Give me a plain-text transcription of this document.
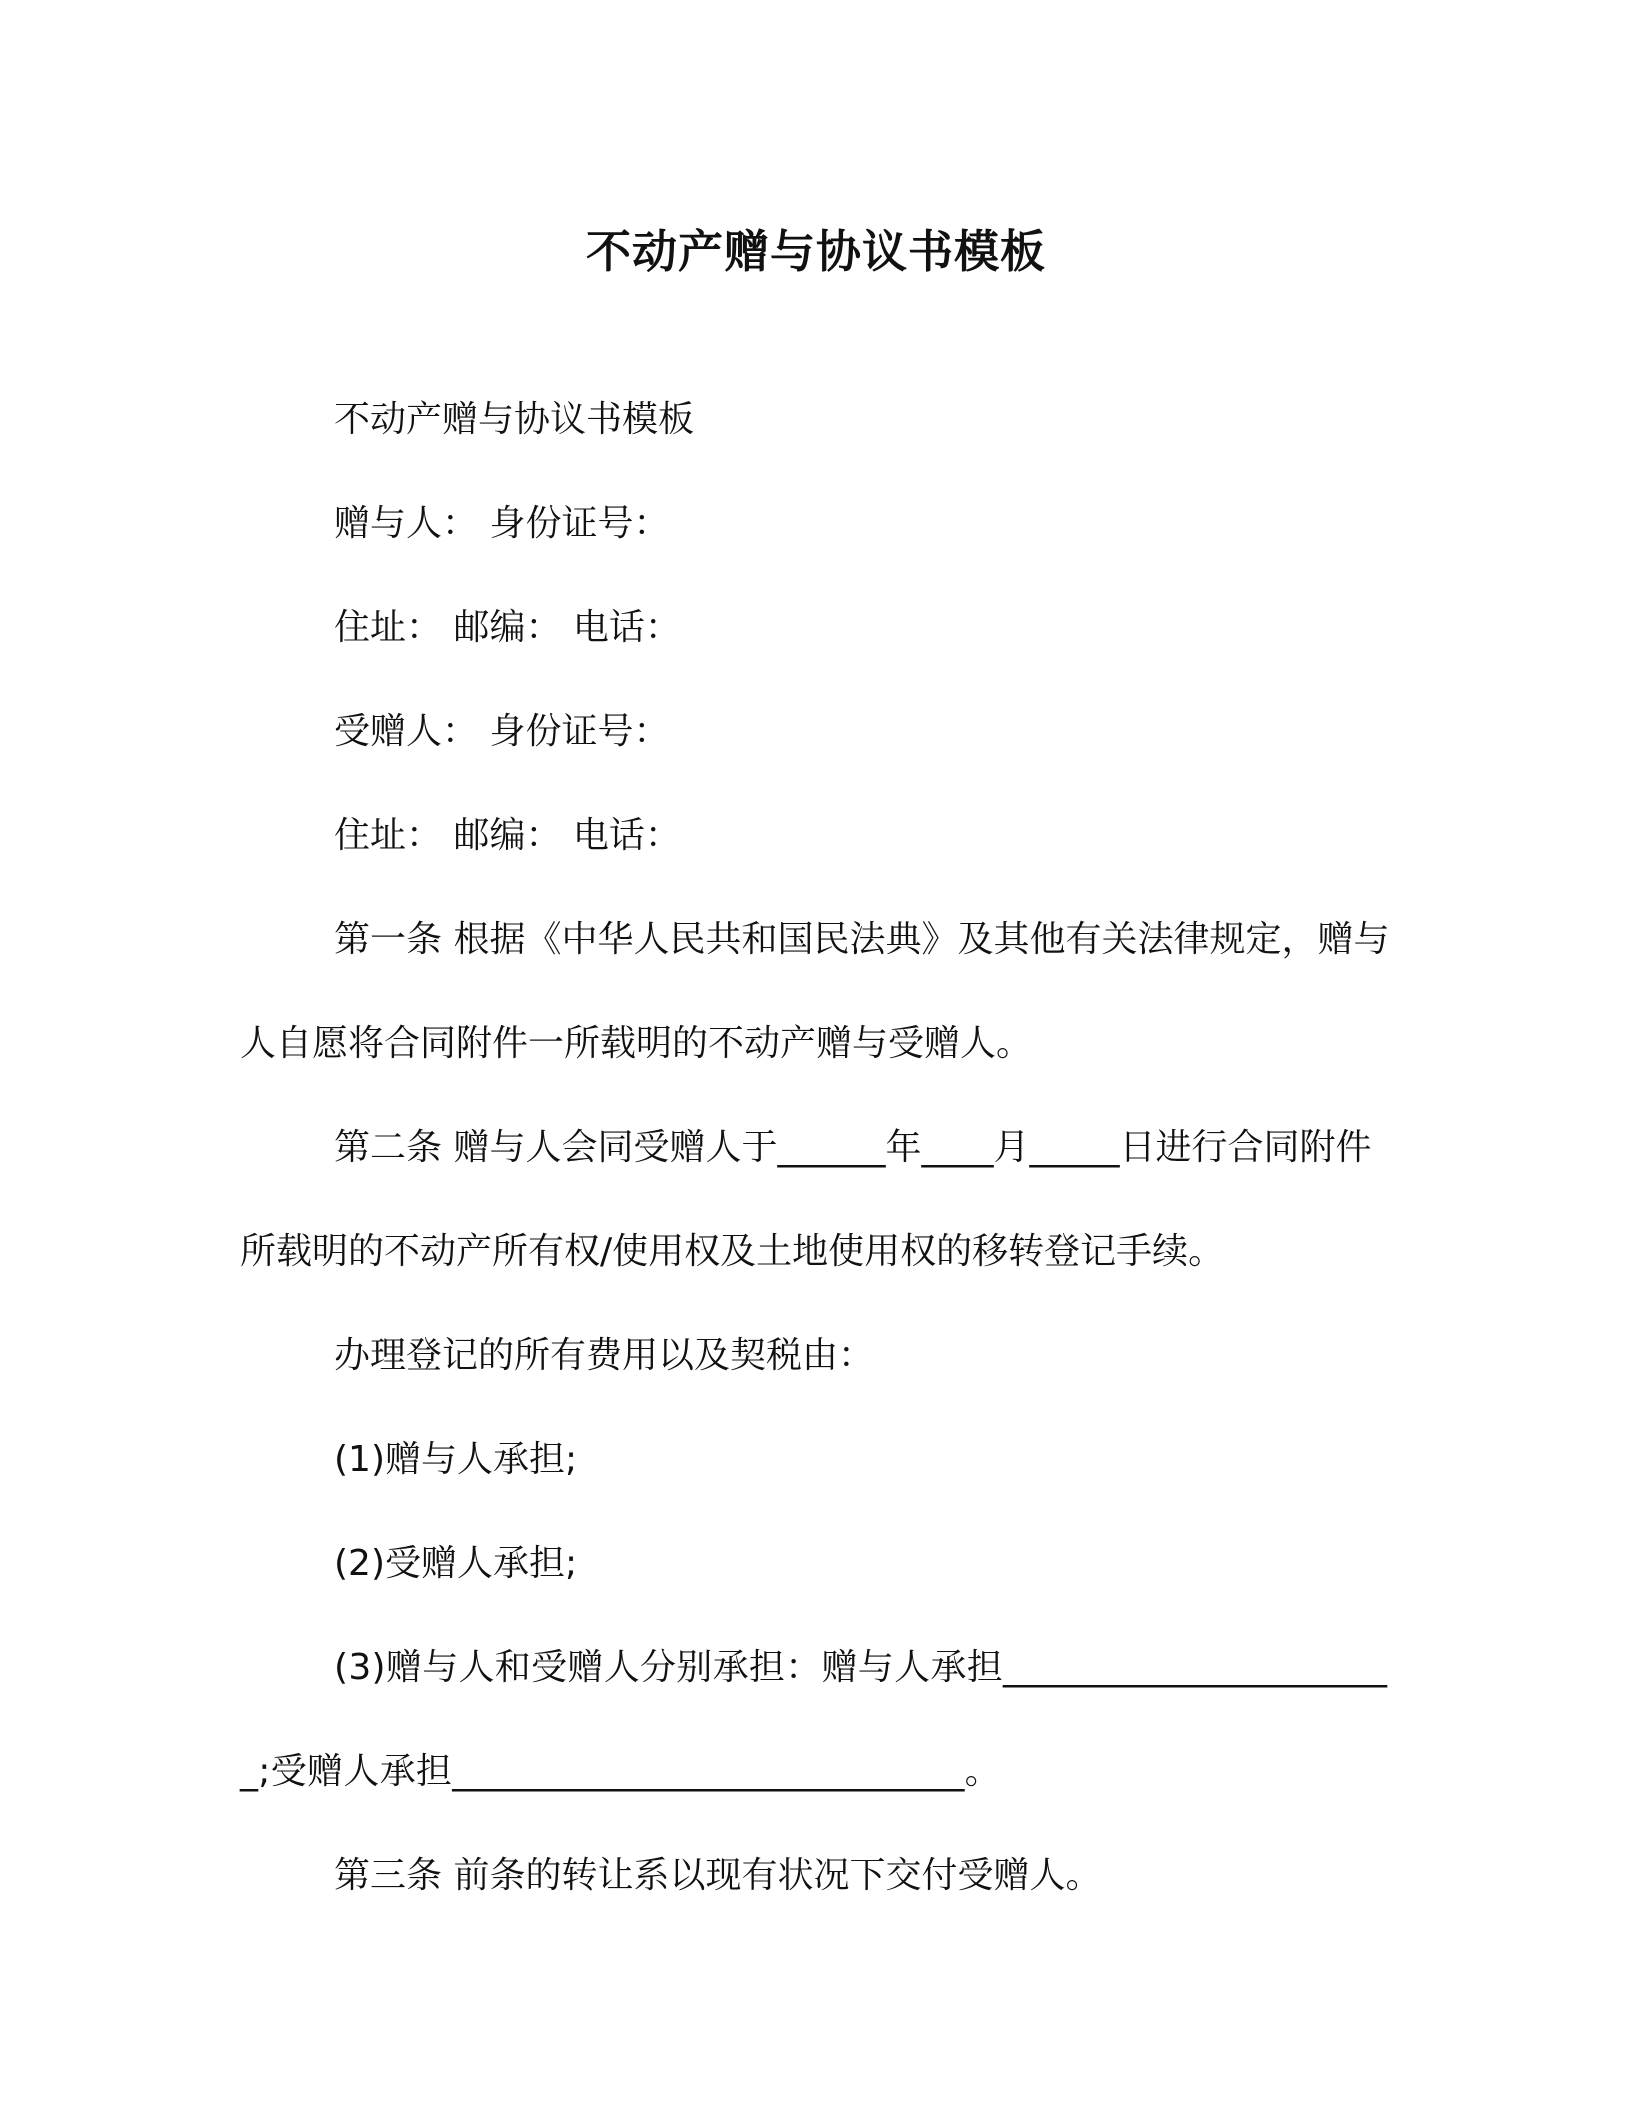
不动产赠与协议书模板

不动产赠与协议书模板

赠与人： 身份证号：

住址： 邮编： 电话：

受赠人： 身份证号：

住址： 邮编： 电话：

第一条 根据《中华人民共和国民法典》及其他有关法律规定，赠与人自愿将合同附件一所载明的不动产赠与受赠人。

第二条 赠与人会同受赠人于______年____月_____日进行合同附件所载明的不动产所有权/使用权及土地使用权的移转登记手续。

办理登记的所有费用以及契税由：

(1)赠与人承担;

(2)受赠人承担;

(3)赠与人和受赠人分别承担：赠与人承担______________________;受赠人承担____________________________。

第三条 前条的转让系以现有状况下交付受赠人。
